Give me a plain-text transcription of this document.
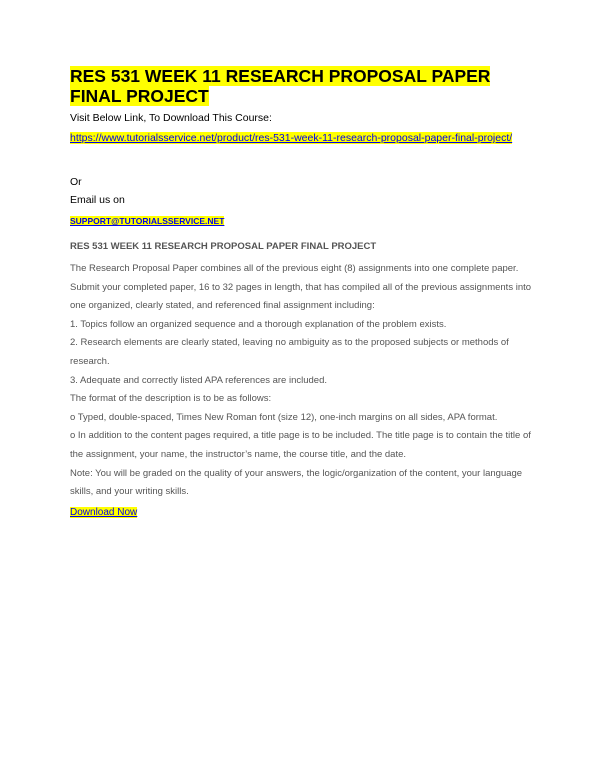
RES 531 WEEK 11 RESEARCH PROPOSAL PAPER FINAL PROJECT
Visit Below Link, To Download This Course:
https://www.tutorialsservice.net/product/res-531-week-11-research-proposal-paper-final-project/
Or
Email us on
SUPPORT@TUTORIALSSERVICE.NET
RES 531 WEEK 11 RESEARCH PROPOSAL PAPER FINAL PROJECT

The Research Proposal Paper combines all of the previous eight (8) assignments into one complete paper.

Submit your completed paper, 16 to 32 pages in length, that has compiled all of the previous assignments into one organized, clearly stated, and referenced final assignment including:

1. Topics follow an organized sequence and a thorough explanation of the problem exists.

2. Research elements are clearly stated, leaving no ambiguity as to the proposed subjects or methods of research.

3. Adequate and correctly listed APA references are included.

The format of the description is to be as follows:

o Typed, double-spaced, Times New Roman font (size 12), one-inch margins on all sides, APA format.

o In addition to the content pages required, a title page is to be included. The title page is to contain the title of the assignment, your name, the instructor’s name, the course title, and the date.

Note: You will be graded on the quality of your answers, the logic/organization of the content, your language skills, and your writing skills.

Download Now
